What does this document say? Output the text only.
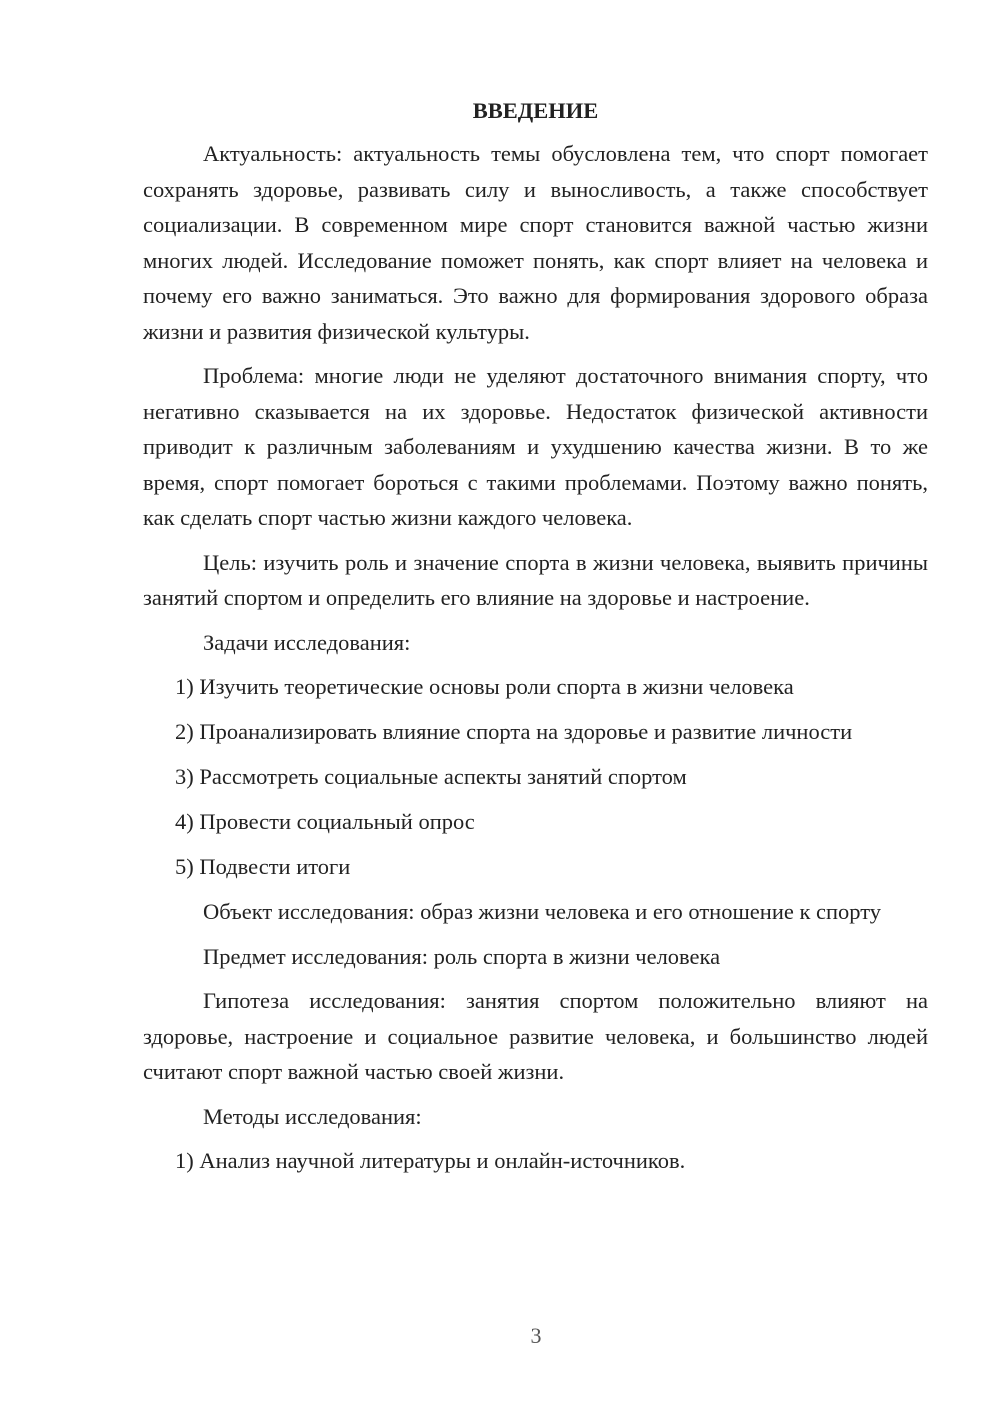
ВВЕДЕНИЕ

Актуальность: актуальность темы обусловлена тем, что спорт помогает сохранять здоровье, развивать силу и выносливость, а также способствует социализации. В современном мире спорт становится важной частью жизни многих людей. Исследование поможет понять, как спорт влияет на человека и почему его важно заниматься. Это важно для формирования здорового образа жизни и развития физической культуры.

Проблема: многие люди не уделяют достаточного внимания спорту, что негативно сказывается на их здоровье. Недостаток физической активности приводит к различным заболеваниям и ухудшению качества жизни. В то же время, спорт помогает бороться с такими проблемами. Поэтому важно понять, как сделать спорт частью жизни каждого человека.

Цель: изучить роль и значение спорта в жизни человека, выявить причины занятий спортом и определить его влияние на здоровье и настроение.

Задачи исследования:

1) Изучить теоретические основы роли спорта в жизни человека
2) Проанализировать влияние спорта на здоровье и развитие личности
3) Рассмотреть социальные аспекты занятий спортом
4) Провести социальный опрос
5) Подвести итоги

Объект исследования: образ жизни человека и его отношение к спорту

Предмет исследования: роль спорта в жизни человека

Гипотеза исследования: занятия спортом положительно влияют на здоровье, настроение и социальное развитие человека, и большинство людей считают спорт важной частью своей жизни.

Методы исследования:

1) Анализ научной литературы и онлайн-источников.
3
